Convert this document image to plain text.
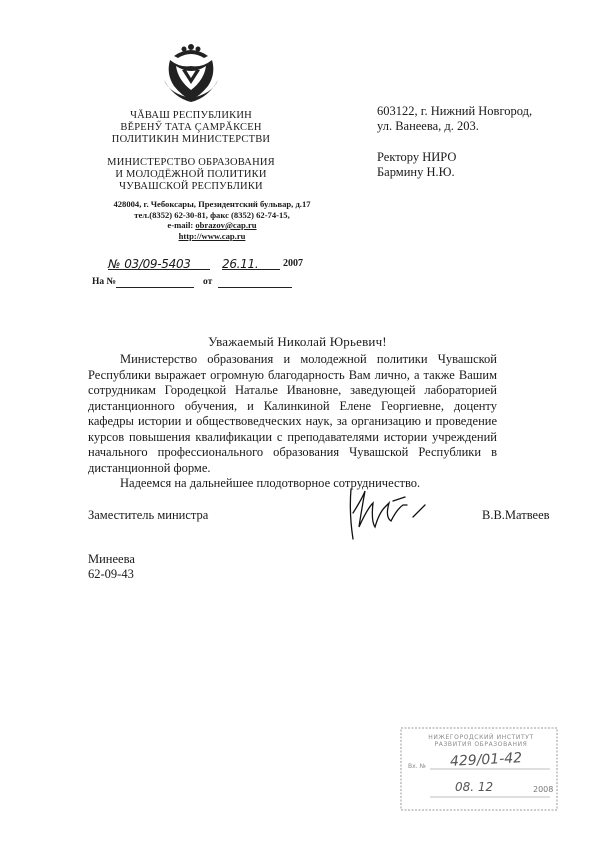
ЧĂВАШ РЕСПУБЛИКИН
ВĔРЕНӲ ТАТА ÇАМРĂКСЕН
ПОЛИТИКИН МИНИСТЕРСТВИ
МИНИСТЕРСТВО ОБРАЗОВАНИЯ
И МОЛОДЁЖНОЙ ПОЛИТИКИ
ЧУВАШСКОЙ РЕСПУБЛИКИ
428004, г. Чебоксары, Президентский бульвар, д.17
тел.(8352) 62-30-81, факс (8352) 62-74-15,
e-mail: obrazov@cap.ru
http://www.cap.ru
603122, г. Нижний Новгород,
ул. Ванеева, д. 203.
Ректору НИРО
Бармину Н.Ю.
№ 03/09-5403	26.11.	2007
На №	от
Уважаемый Николай Юрьевич!

Министерство образования и молодежной политики Чувашской Республики выражает огромную благодарность Вам лично, а также Вашим сотрудникам Городецкой Наталье Ивановне, заведующей лабораторией дистанционного обучения, и Калинкиной Елене Георгиевне, доценту кафедры истории и обществоведческих наук, за организацию и проведение курсов повышения квалификации с преподавателями истории учреждений начального профессионального образования Чувашской Республики в дистанционной форме.

Надеемся на дальнейшее плодотворное сотрудничество.

Заместитель министра	В.В.Матвеев
Минеева
62-09-43
НИЖЕГОРОДСКИЙ ИНСТИТУТ
РАЗВИТИЯ ОБРАЗОВАНИЯ
Вх. № 429/01-42
08. 12	2008
